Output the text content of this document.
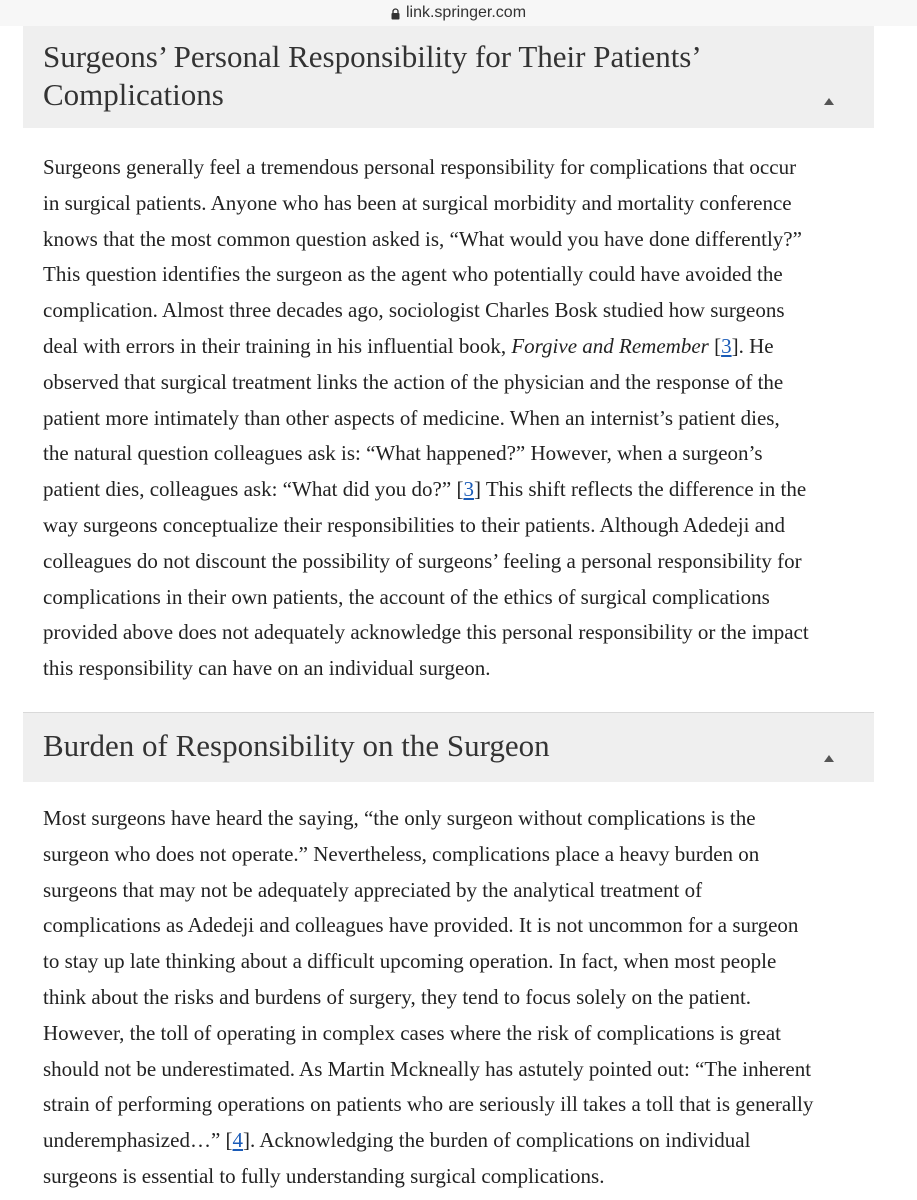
link.springer.com
Surgeons’ Personal Responsibility for Their Patients’
Complications
Surgeons generally feel a tremendous personal responsibility for complications that occur
in surgical patients. Anyone who has been at surgical morbidity and mortality conference
knows that the most common question asked is, “What would you have done differently?”
This question identifies the surgeon as the agent who potentially could have avoided the
complication. Almost three decades ago, sociologist Charles Bosk studied how surgeons
deal with errors in their training in his influential book, Forgive and Remember [3]. He
observed that surgical treatment links the action of the physician and the response of the
patient more intimately than other aspects of medicine. When an internist’s patient dies,
the natural question colleagues ask is: “What happened?” However, when a surgeon’s
patient dies, colleagues ask: “What did you do?” [3] This shift reflects the difference in the
way surgeons conceptualize their responsibilities to their patients. Although Adedeji and
colleagues do not discount the possibility of surgeons’ feeling a personal responsibility for
complications in their own patients, the account of the ethics of surgical complications
provided above does not adequately acknowledge this personal responsibility or the impact
this responsibility can have on an individual surgeon.
Burden of Responsibility on the Surgeon
Most surgeons have heard the saying, “the only surgeon without complications is the
surgeon who does not operate.” Nevertheless, complications place a heavy burden on
surgeons that may not be adequately appreciated by the analytical treatment of
complications as Adedeji and colleagues have provided. It is not uncommon for a surgeon
to stay up late thinking about a difficult upcoming operation. In fact, when most people
think about the risks and burdens of surgery, they tend to focus solely on the patient.
However, the toll of operating in complex cases where the risk of complications is great
should not be underestimated. As Martin Mckneally has astutely pointed out: “The inherent
strain of performing operations on patients who are seriously ill takes a toll that is generally
underemphasized…” [4]. Acknowledging the burden of complications on individual
surgeons is essential to fully understanding surgical complications.
